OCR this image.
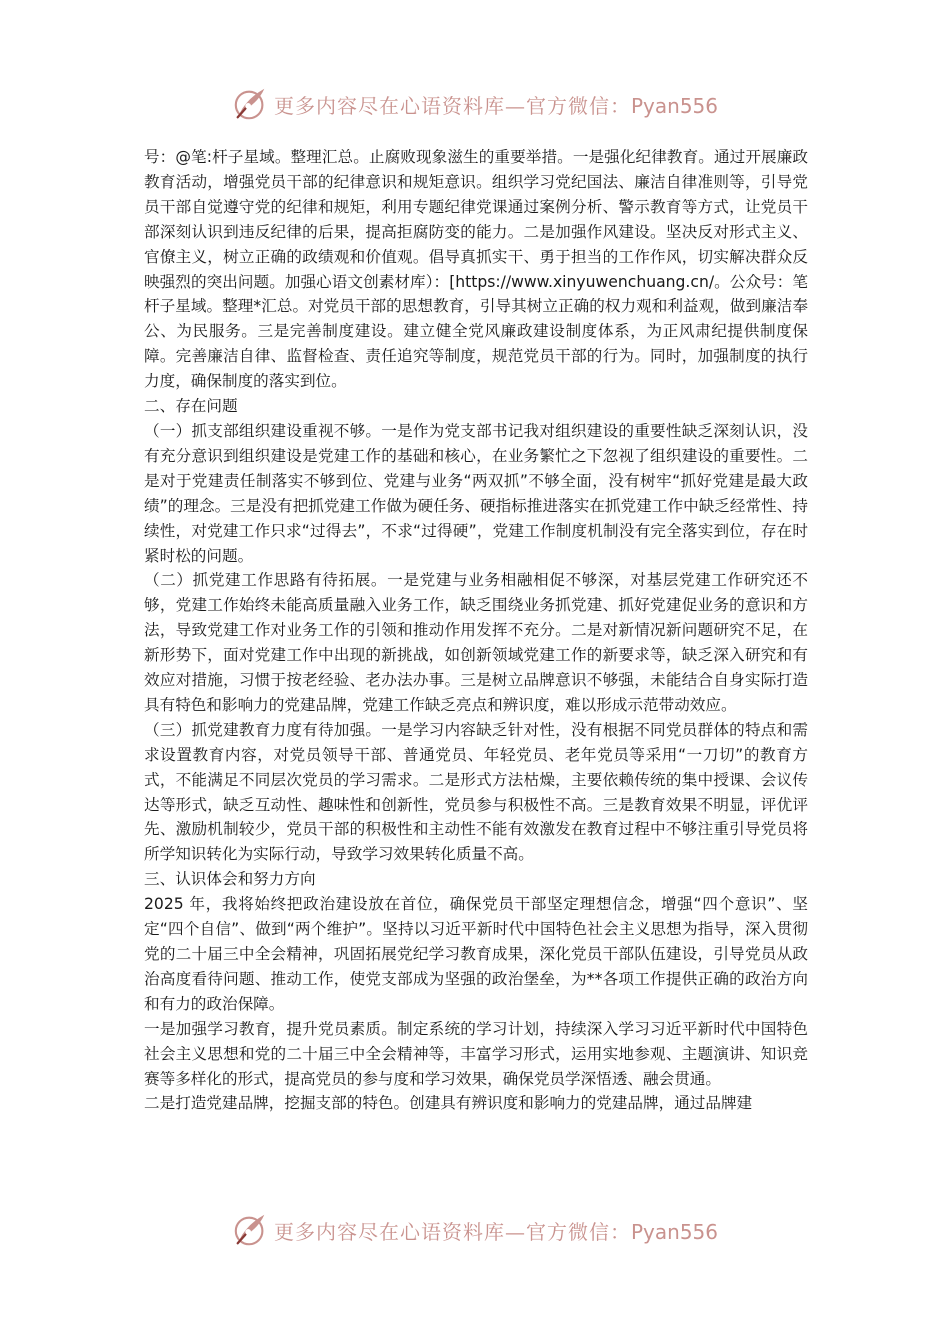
更多内容尽在心语资料库—官方微信：Pyan556

号：@笔:杆子星域。整理汇总。止腐败现象滋生的重要举措。一是强化纪律教育。通过开展廉政教育活动，增强党员干部的纪律意识和规矩意识。组织学习党纪国法、廉洁自律准则等，引导党员干部自觉遵守党的纪律和规矩，利用专题纪律党课通过案例分析、警示教育等方式，让党员干部深刻认识到违反纪律的后果，提高拒腐防变的能力。二是加强作风建设。坚决反对形式主义、官僚主义，树立正确的政绩观和价值观。倡导真抓实干、勇于担当的工作作风，切实解决群众反映强烈的突出问题。加强心语文创素材库）：[https://www.xinyuwenchuang.cn/。公众号：笔杆子星域。整理*汇总。对党员干部的思想教育，引导其树立正确的权力观和利益观，做到廉洁奉公、为民服务。三是完善制度建设。建立健全党风廉政建设制度体系，为正风肃纪提供制度保障。完善廉洁自律、监督检查、责任追究等制度，规范党员干部的行为。同时，加强制度的执行力度，确保制度的落实到位。

二、存在问题

（一）抓支部组织建设重视不够。一是作为党支部书记我对组织建设的重要性缺乏深刻认识，没有充分意识到组织建设是党建工作的基础和核心，在业务繁忙之下忽视了组织建设的重要性。二是对于党建责任制落实不够到位、党建与业务“两双抓”不够全面，没有树牢“抓好党建是最大政绩”的理念。三是没有把抓党建工作做为硬任务、硬指标推进落实在抓党建工作中缺乏经常性、持续性，对党建工作只求“过得去”，不求“过得硬”，党建工作制度机制没有完全落实到位，存在时紧时松的问题。

（二）抓党建工作思路有待拓展。一是党建与业务相融相促不够深，对基层党建工作研究还不够，党建工作始终未能高质量融入业务工作，缺乏围绕业务抓党建、抓好党建促业务的意识和方法，导致党建工作对业务工作的引领和推动作用发挥不充分。二是对新情况新问题研究不足，在新形势下，面对党建工作中出现的新挑战，如创新领域党建工作的新要求等，缺乏深入研究和有效应对措施，习惯于按老经验、老办法办事。三是树立品牌意识不够强，未能结合自身实际打造具有特色和影响力的党建品牌，党建工作缺乏亮点和辨识度，难以形成示范带动效应。

（三）抓党建教育力度有待加强。一是学习内容缺乏针对性，没有根据不同党员群体的特点和需求设置教育内容，对党员领导干部、普通党员、年轻党员、老年党员等采用“一刀切”的教育方式，不能满足不同层次党员的学习需求。二是形式方法枯燥，主要依赖传统的集中授课、会议传达等形式，缺乏互动性、趣味性和创新性，党员参与积极性不高。三是教育效果不明显，评优评先、激励机制较少，党员干部的积极性和主动性不能有效激发在教育过程中不够注重引导党员将所学知识转化为实际行动，导致学习效果转化质量不高。

三、认识体会和努力方向

2025 年，我将始终把政治建设放在首位，确保党员干部坚定理想信念，增强“四个意识”、坚定“四个自信”、做到“两个维护”。坚持以习近平新时代中国特色社会主义思想为指导，深入贯彻党的二十届三中全会精神，巩固拓展党纪学习教育成果，深化党员干部队伍建设，引导党员从政治高度看待问题、推动工作，使党支部成为坚强的政治堡垒，为**各项工作提供正确的政治方向和有力的政治保障。

一是加强学习教育，提升党员素质。制定系统的学习计划，持续深入学习习近平新时代中国特色社会主义思想和党的二十届三中全会精神等，丰富学习形式，运用实地参观、主题演讲、知识竞赛等多样化的形式，提高党员的参与度和学习效果，确保党员学深悟透、融会贯通。

二是打造党建品牌，挖掘支部的特色。创建具有辨识度和影响力的党建品牌，通过品牌建

更多内容尽在心语资料库—官方微信：Pyan556
